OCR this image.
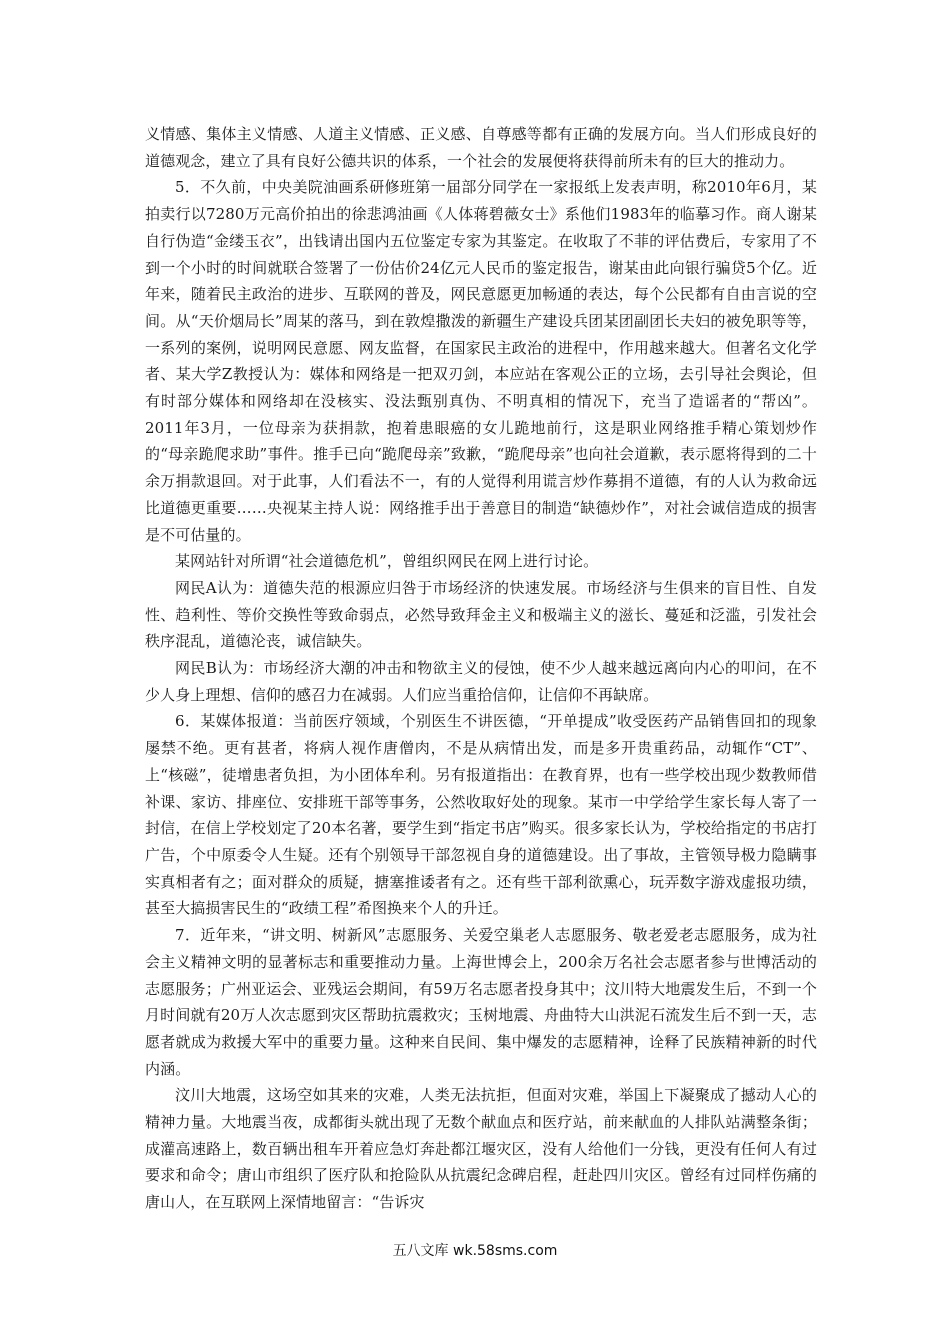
义情感、集体主义情感、人道主义情感、正义感、自尊感等都有正确的发展方向。当人们形成良好的道德观念，建立了具有良好公德共识的体系，一个社会的发展便将获得前所未有的巨大的推动力。

5．不久前，中央美院油画系研修班第一届部分同学在一家报纸上发表声明，称2010年6月，某拍卖行以7280万元高价拍出的徐悲鸿油画《人体蒋碧薇女士》系他们1983年的临摹习作。商人谢某自行伪造“金缕玉衣”，出钱请出国内五位鉴定专家为其鉴定。在收取了不菲的评估费后，专家用了不到一个小时的时间就联合签署了一份估价24亿元人民币的鉴定报告，谢某由此向银行骗贷5个亿。近年来，随着民主政治的进步、互联网的普及，网民意愿更加畅通的表达，每个公民都有自由言说的空间。从“天价烟局长”周某的落马，到在敦煌撒泼的新疆生产建设兵团某团副团长夫妇的被免职等等，一系列的案例，说明网民意愿、网友监督，在国家民主政治的进程中，作用越来越大。但著名文化学者、某大学Z教授认为：媒体和网络是一把双刃剑，本应站在客观公正的立场，去引导社会舆论，但有时部分媒体和网络却在没核实、没法甄别真伪、不明真相的情况下，充当了造谣者的“帮凶”。2011年3月，一位母亲为获捐款，抱着患眼癌的女儿跪地前行，这是职业网络推手精心策划炒作的“母亲跪爬求助”事件。推手已向“跪爬母亲”致歉，“跪爬母亲”也向社会道歉，表示愿将得到的二十余万捐款退回。对于此事，人们看法不一，有的人觉得利用谎言炒作募捐不道德，有的人认为救命远比道德更重要……央视某主持人说：网络推手出于善意目的制造“缺德炒作”，对社会诚信造成的损害是不可估量的。

某网站针对所谓“社会道德危机”，曾组织网民在网上进行讨论。

网民A认为：道德失范的根源应归咎于市场经济的快速发展。市场经济与生俱来的盲目性、自发性、趋利性、等价交换性等致命弱点，必然导致拜金主义和极端主义的滋长、蔓延和泛滥，引发社会秩序混乱，道德沦丧，诚信缺失。

网民B认为：市场经济大潮的冲击和物欲主义的侵蚀，使不少人越来越远离向内心的叩问，在不少人身上理想、信仰的感召力在减弱。人们应当重拾信仰，让信仰不再缺席。

6．某媒体报道：当前医疗领域，个别医生不讲医德，“开单提成”收受医药产品销售回扣的现象屡禁不绝。更有甚者，将病人视作唐僧肉，不是从病情出发，而是多开贵重药品，动辄作“CT”、上“核磁”，徒增患者负担，为小团体牟利。另有报道指出：在教育界，也有一些学校出现少数教师借补课、家访、排座位、安排班干部等事务，公然收取好处的现象。某市一中学给学生家长每人寄了一封信，在信上学校划定了20本名著，要学生到“指定书店”购买。很多家长认为，学校给指定的书店打广告，个中原委令人生疑。还有个别领导干部忽视自身的道德建设。出了事故，主管领导极力隐瞒事实真相者有之；面对群众的质疑，搪塞推诿者有之。还有些干部利欲熏心，玩弄数字游戏虚报功绩，甚至大搞损害民生的“政绩工程”希图换来个人的升迁。

7．近年来，“讲文明、树新风”志愿服务、关爱空巢老人志愿服务、敬老爱老志愿服务，成为社会主义精神文明的显著标志和重要推动力量。上海世博会上，200余万名社会志愿者参与世博活动的志愿服务；广州亚运会、亚残运会期间，有59万名志愿者投身其中；汶川特大地震发生后，不到一个月时间就有20万人次志愿到灾区帮助抗震救灾；玉树地震、舟曲特大山洪泥石流发生后不到一天，志愿者就成为救援大军中的重要力量。这种来自民间、集中爆发的志愿精神，诠释了民族精神新的时代内涵。

汶川大地震，这场空如其来的灾难，人类无法抗拒，但面对灾难，举国上下凝聚成了撼动人心的精神力量。大地震当夜，成都街头就出现了无数个献血点和医疗站，前来献血的人排队站满整条街；成灌高速路上，数百辆出租车开着应急灯奔赴都江堰灾区，没有人给他们一分钱，更没有任何人有过要求和命令；唐山市组织了医疗队和抢险队从抗震纪念碑启程，赶赴四川灾区。曾经有过同样伤痛的唐山人，在互联网上深情地留言：“告诉灾

五八文库 wk.58sms.com
